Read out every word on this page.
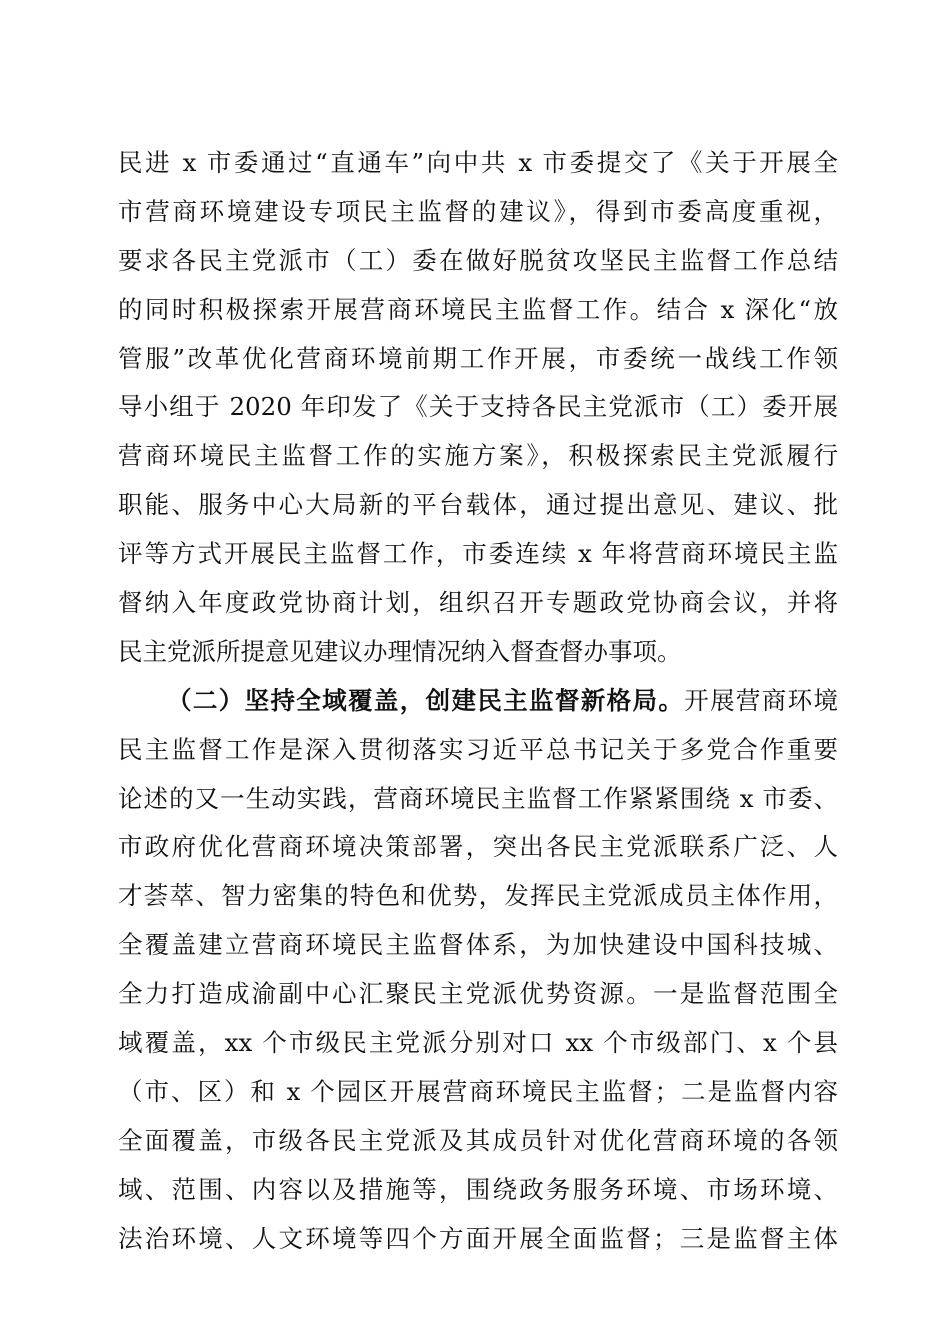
民进 x 市委通过“直通车”向中共 x 市委提交了《关于开展全
市营商环境建设专项民主监督的建议》，得到市委高度重视，
要求各民主党派市（工）委在做好脱贫攻坚民主监督工作总结
的同时积极探索开展营商环境民主监督工作。结合 x 深化“放
管服”改革优化营商环境前期工作开展，市委统一战线工作领
导小组于 2020 年印发了《关于支持各民主党派市（工）委开展
营商环境民主监督工作的实施方案》，积极探索民主党派履行
职能、服务中心大局新的平台载体，通过提出意见、建议、批
评等方式开展民主监督工作，市委连续 x 年将营商环境民主监
督纳入年度政党协商计划，组织召开专题政党协商会议，并将
民主党派所提意见建议办理情况纳入督查督办事项。
（二）坚持全域覆盖，创建民主监督新格局。开展营商环境
民主监督工作是深入贯彻落实习近平总书记关于多党合作重要
论述的又一生动实践，营商环境民主监督工作紧紧围绕 x 市委、
市政府优化营商环境决策部署，突出各民主党派联系广泛、人
才荟萃、智力密集的特色和优势，发挥民主党派成员主体作用，
全覆盖建立营商环境民主监督体系，为加快建设中国科技城、
全力打造成渝副中心汇聚民主党派优势资源。一是监督范围全
域覆盖，xx 个市级民主党派分别对口 xx 个市级部门、x 个县
（市、区）和 x 个园区开展营商环境民主监督；二是监督内容
全面覆盖，市级各民主党派及其成员针对优化营商环境的各领
域、范围、内容以及措施等，围绕政务服务环境、市场环境、
法治环境、人文环境等四个方面开展全面监督；三是监督主体
